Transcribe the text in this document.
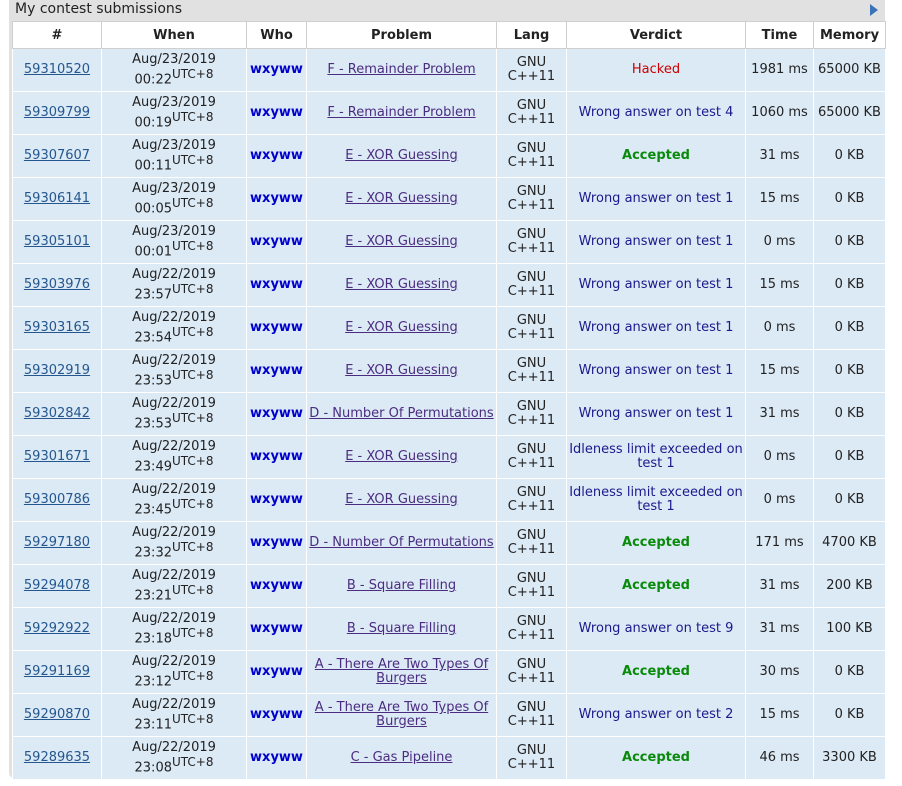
My contest submissions
#	When	Who	Problem	Lang	Verdict	Time	Memory
59310520	Aug/23/2019
$00:22^{UTC+8}$	wxyww	F - Remainder Problem	GNU
C++11	Hacked	1981 ms	65000 KB
59309799	Aug/23/2019
$00:19^{UTC+8}$	wxyww	F - Remainder Problem	GNU
C++11	Wrong answer on test 4	1060 ms	65000 KB
59307607	Aug/23/2019
$00:11^{UTC+8}$	wxyww	E - XOR Guessing	GNU
C++11	Accepted	31 ms	0 KB
59306141	Aug/23/2019
$00:05^{UTC+8}$	wxyww	E - XOR Guessing	GNU
C++11	Wrong answer on test 1	15 ms	0 KB
59305101	Aug/23/2019
$00:01^{UTC+8}$	wxyww	E - XOR Guessing	GNU
C++11	Wrong answer on test 1	0 ms	0 KB
59303976	Aug/22/2019
$23:57^{UTC+8}$	wxyww	E - XOR Guessing	GNU
C++11	Wrong answer on test 1	15 ms	0 KB
59303165	Aug/22/2019
$23:54^{UTC+8}$	wxyww	E - XOR Guessing	GNU
C++11	Wrong answer on test 1	0 ms	0 KB
59302919	Aug/22/2019
$23:53^{UTC+8}$	wxyww	E - XOR Guessing	GNU
C++11	Wrong answer on test 1	15 ms	0 KB
59302842	Aug/22/2019
$23:53^{UTC+8}$	wxyww	D - Number Of Permutations	GNU
C++11	Wrong answer on test 1	31 ms	0 KB
59301671	Aug/22/2019
$23:49^{UTC+8}$	wxyww	E - XOR Guessing	GNU
C++11	Idleness limit exceeded on test 1	0 ms	0 KB
59300786	Aug/22/2019
$23:45^{UTC+8}$	wxyww	E - XOR Guessing	GNU
C++11	Idleness limit exceeded on test 1	0 ms	0 KB
59297180	Aug/22/2019
$23:32^{UTC+8}$	wxyww	D - Number Of Permutations	GNU
C++11	Accepted	171 ms	4700 KB
59294078	Aug/22/2019
$23:21^{UTC+8}$	wxyww	B - Square Filling	GNU
C++11	Accepted	31 ms	200 KB
59292922	Aug/22/2019
$23:18^{UTC+8}$	wxyww	B - Square Filling	GNU
C++11	Wrong answer on test 9	31 ms	100 KB
59291169	Aug/22/2019
$23:12^{UTC+8}$	wxyww	A - There Are Two Types Of Burgers	GNU
C++11	Accepted	30 ms	0 KB
59290870	Aug/22/2019
$23:11^{UTC+8}$	wxyww	A - There Are Two Types Of Burgers	GNU
C++11	Wrong answer on test 2	15 ms	0 KB
59289635	Aug/22/2019
$23:08^{UTC+8}$	wxyww	C - Gas Pipeline	GNU
C++11	Accepted	46 ms	3300 KB
